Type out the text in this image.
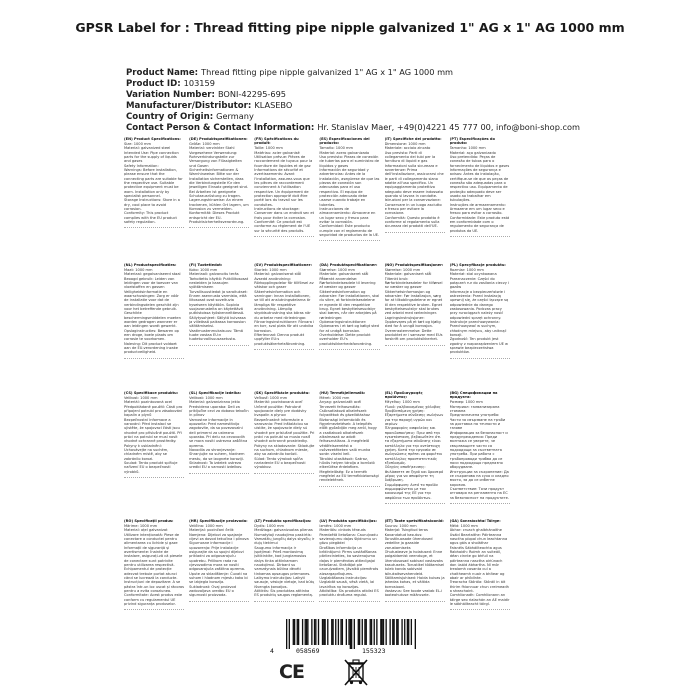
GPSR Label for : Thread fitting pipe nipple galvanized 1" AG x 1" AG 1000 mm
Product Name: Thread fitting pipe nipple galvanized 1" AG x 1" AG 1000 mm
Product ID: 103159
Variation Number: BONI-42295-695
Manufacturer/Distributor: KLASEBO
Country of Origin: Germany
Contact Person & Contact Information: Hr. Stanislav Maer, +49(0)4221 45 777 00, info@boni-shop.com
(EN) Product Specifications:
Size: 1000 mm
Material: galvanized steel
Intended Use: Pipe connection parts for the supply of liquids and gases
Safety Information:
Warnings: Before installation, please ensure that the connecting parts are suitable for the respective use. Suitable protective equipment must be worn. Installation only by specialist personnel.
Storage Instructions: Store in a dry, cool place to avoid corrosion.
Conformity: This product complies with the EU product safety regulation.
(DE) Produktspezifikationen:
Größe: 1000 mm
Material: verzinkter Stahl
Vorgesehene Verwendung: Rohrverbindungsteile zur Versorgung von Flüssigkeiten und Gasen
Sicherheitsinformationen & Warnhinweise: Bitte vor der Installation sicherstellen, dass die Verbindungsteile für den jeweiligen Einsatz geeignet sind. Bei Arbeiten ist geeignete Schutzausrüstung zu tragen.
Lagerungshinweise: An einem trockenen, kühlen Ort lagern, um Korrosion zu vermeiden.
Konformität: Dieses Produkt entspricht der EU-Produktsicherheitsverordnung.
(FR) Spécifications du produit:
Taille: 1000 mm
Matériau: acier galvanisé
Utilisation prévue: Pièces de raccordement de tuyaux pour la fourniture de liquides et de gaz
Informations de sécurité et avertissements: Avant l'installation, assurez-vous que les pièces de raccordement conviennent à l'utilisation respective. Un équipement de protection approprié doit être porté lors du travail sur les conduites.
Instructions de stockage: Conserver dans un endroit sec et frais pour éviter la corrosion.
Conformité: Ce produit est conforme au règlement de l'UE sur la sécurité des produits.
(ES) Especificaciones del producto:
Tamaño: 1000 mm
Material: acero galvanizado
Uso previsto: Piezas de conexión de tuberías para el suministro de líquidos y gases
Información de seguridad y advertencias: Antes de la instalación, asegúrese de que las piezas de conexión son adecuadas para el uso respectivo. El equipo de protección adecuado debe usarse cuando trabaje en tuberías.
Instrucciones de almacenamiento: Almacene en un lugar seco y fresco para evitar la corrosión.
Conformidad: Este producto cumple con el reglamento de seguridad de productos de la UE.
(IT) Specifiche del prodotto:
Dimensione: 1000 mm
Materiale: acciaio zincato
Uso previsto: Parti di collegamento dei tubi per la fornitura di liquidi e gas
Informazioni sulla sicurezza e avvertenze: Prima dell'installazione, assicurarsi che le parti di collegamento siano adatte all'uso specifico. Un equipaggiamento protettivo adeguato deve essere indossato quando si lavora in condotte.
Istruzioni per la conservazione: Conservare in un luogo asciutto e fresco per evitare la corrosione.
Conformità: Questo prodotto è conforme al regolamento sulla sicurezza dei prodotti dell'UE.
(PT) Especificações do produto:
Tamanho: 1000 mm
Material: aço galvanizado
Uso pretendido: Peças de conexão de tubos para o fornecimento de líquidos e gases
Informações de segurança e avisos: Antes da instalação, certifique-se de que as peças de conexão são adequadas para o respectivo uso. Equipamento de proteção adequado deve ser usado ao trabalhar em tubulações.
Instruções de armazenamento: Armazene em um lugar seco e fresco para evitar a corrosão.
Conformidade: Este produto está em conformidade com o regulamento de segurança de produtos da UE.
(NL) Productspecificaties:
Maat: 1000 mm
Materiaal: gegalvaniseerd staal
Beoogd gebruik: Leiden van leidingen voor de toevoer van vloeistoffen en gassen
Veiligheidsinformatie en waarschuwingen: Zorg er vóór de installatie voor dat de verbindingsdelen geschikt zijn voor het betreffende gebruik. Geschikte beschermingsmiddelen moeten worden gedragen wanneer er aan leidingen wordt gewerkt.
Opslaginstructies: Bewaren op een droge, koele plaats om corrosie te voorkomen.
Naleving: Dit product voldoet aan de EU-verordening inzake productveiligheid.
(FI) Tuotetiedot:
Koko: 1000 mm
Materiaali: galvanoitu teräs
Tarkoitettu käyttö: Putkiliitososat nesteiden ja kaasujen syöttämiseen
Turvallisuustiedot ja varoitukset: Ennen asennusta varmista, että liitososat ovat soveltuvia kyseiseen käyttöön. Sopivia suojavarusteita on käytettävä putkistoissa työskenneltäessä.
Säilytysohjeet: Säilytä kuivassa ja viileässä paikassa korroosion välttämiseksi.
Vaatimustenmukaisuus: Tämä tuote vastaa EU:n tuoteturvallisuusasetusta.
(SV) Produktspecifikationer:
Storlek: 1000 mm
Material: galvaniserat stål
Avsedd användning: Rörkopplingsdelar för tillförsel av vätskor och gaser
Säkerhetsinformation och varningar: Innan installationen, se till att anslutningsdelarna är lämpliga för respektive användning. Lämplig skyddsutrustning ska bäras när du arbetar med rörledningar.
Förvaringsinstruktioner: Förvara i en torr, sval plats för att undvika korrosion.
Efterlevnad: Denna produkt uppfyller EU:s produktsäkerhetsförordning.
(DA) Produktspecifikationer:
Størrelse: 1000 mm
Materiale: galvaniseret stål
Påtænkt anvendelse: Rørforbindelsesdele til levering af væsker og gasser
Sikkerhedsinformation og advarsler: Før installationen, skal du sikre, at forbindelsesdelene er egnede til den respektive brug. Egnet beskyttelsesudstyr skal bæres, når der arbejdes på rørledninger.
Opbevaringsinstruktioner: Opbevares i et tørt og køligt sted for at undgå korrosion.
Overholdelse: Dette produkt overholder EU's produktsikkerhedsforordning.
(NO) Produktspesifikasjoner:
Størrelse: 1000 mm
Materiale: galvanisert stål
Tiltenkt bruk: Rørforbindelsesdeler for tilførsel av væsker og gasser
Sikkerhetsinformasjon og advarsler: Før installasjon, sørg for at tilkoblingsdelene er egnet til den respektive bruken. Egnet beskyttelsesutstyr skal brukes ved arbeid med rørledninger.
Lagringsinstruksjoner: Oppbevares på et tørt og kjølig sted for å unngå korrosjon.
Overensstemmelse: Dette produktet er i samsvar med EUs forskrift om produktsikkerhet.
(PL) Specyfikacje produktu:
Rozmiar: 1000 mm
Materiał: stal ocynkowana
Przeznaczenie: Części do połączeń rur do zasilania cieczy i gazów
Informacje o bezpieczeństwie i ostrzeżenia: Przed instalacją upewnij się, że części łączące są odpowiednie do danego zastosowania. Podczas pracy przy rurociągach należy nosić odpowiedni sprzęt ochronny.
Instrukcje przechowywania: Przechowywać w suchym, chłodnym miejscu, aby uniknąć korozji.
Zgodność: Ten produkt jest zgodny z rozporządzeniem UE w sprawie bezpieczeństwa produktów.
(CS) Specifikace produktu:
Velikost: 1000 mm
Materiál: pozinkovaná ocel
Předpokládané použití: Části pro připojení potrubí pro zásobování kapalin a plynů
Bezpečnostní informace a varování: Před instalací se ujistěte, že spojovací části jsou vhodné pro příslušné použití. Při práci na potrubí se musí nosit vhodné ochranné prostředky.
Pokyny k uskladnění: Uchovávejte na suchém, chladném místě, aby se zabránilo korozi.
Soulad: Tento produkt splňuje nařízení EU o bezpečnosti výrobků.
(SL) Specifikacije izdelka:
Velikost: 1000 mm
Material: galvanizirano jeklo
Predvidena uporaba: Deli za priključke cevi za dobavo tekočin in plinov
Varnostne informacije in opozorila: Pred namestitvijo zagotovite, da so povezovalni deli primerni za ustrezno uporabo. Pri delu na cevovodih se mora nositi ustrezna zaščitna oprema.
Navodila za shranjevanje: Shranjujte na suhem, hladnem mestu, da se izognete koroziji.
Skladnost: Ta izdelek ustreza uredbi EU o varnosti izdelkov.
(SK) Špecifikácie produktu:
Veľkosť: 1000 mm
Materiál: pozinkovaná oceľ
Určené použitie: Potrubné spojovacie diely pre dodávky kvapalín a plynov
Bezpečnostné informácie a varovania: Pred inštaláciou sa uistite, že spojovacie diely sú vhodné pre príslušné použitie. Pri práci na potrubí sa musia nosiť vhodné ochranné prostriedky.
Pokyny na skladovanie: Skladujte na suchom, chladnom mieste, aby sa zabránilo korózii.
Súlad: Tento výrobok spĺňa nariadenie EÚ o bezpečnosti výrobkov.
(HU) Termékjellemzők:
Méret: 1000 mm
Anyag: galvanizált acél
Tervezett felhasználás: Csőcsatlakozó alkatrészek folyadékok és gázellátáshoz
Biztonsági információk és figyelmeztetések: A telepítés előtt győződjön meg arról, hogy a csatlakozó alkatrészek alkalmasak az adott felhasználásra. A megfelelő védőfelszerelést a csővezetékeken való munka során viselni kell.
Tárolási utasítások: Száraz, hűvös helyen tárolja a korrózió elkerülése érdekében.
Megfelelőség: Ez a termék megfelel az EU termékbiztonsági rendeletének.
(EL) Προδιαγραφές προϊόντος:
Μέγεθος: 1000 mm
Υλικό: γαλβανισμένος χάλυβας
Προβλεπόμενη χρήση: Εξαρτήματα σύνδεσης σωλήνων για την παροχή υγρών και αερίων
Πληροφορίες ασφαλείας και προειδοποιήσεις: Πριν από την εγκατάσταση, βεβαιωθείτε ότι τα εξαρτήματα σύνδεσης είναι κατάλληλα για την αντίστοιχη χρήση. Κατά την εργασία σε σωληνώσεις πρέπει να φοριέται κατάλληλος προστατευτικός εξοπλισμός.
Οδηγίες αποθήκευσης: Φυλάσσετε σε ξηρό και δροσερό μέρος για να αποφύγετε τη διάβρωση.
Συμμόρφωση: Αυτό το προϊόν συμμορφώνεται με τον κανονισμό της ΕΕ για την ασφάλεια των προϊόντων.
(BG) Спецификации на продукта:
Размер: 1000 mm
Материал: галванизирана стомана
Предназначена употреба: Части за свързване на тръби за доставка на течности и газове
Информация за безопасност и предупреждения: Преди монтажа се уверете, че свързващите части са подходящи за съответната употреба. При работа с тръбопроводи трябва да се носи подходящо предпазно оборудване.
Инструкции за съхранение: Да се съхранява на сухо и хладно място, за да се избегне корозия.
Съответствие: Този продукт отговаря на регламента на ЕС за безопасност на продуктите.
(RO) Specificații produs:
Mărime: 1000 mm
Material: oțel galvanizat
Utilizare intenționată: Piese de conectare a conductei pentru alimentarea cu lichide și gaze
Informații de siguranță și avertismente: Înainte de instalare, asigurați-vă că piesele de conectare sunt potrivite pentru utilizarea respectivă. Echipamentul de protecție adecvat trebuie purtat atunci când se lucrează la conducte.
Instrucțiuni de depozitare: A se păstra într-un loc uscat și răcoros pentru a evita coroziunea.
Conformitate: Acest produs este conform cu regulamentul UE privind siguranța produselor.
(HR) Specifikacije proizvoda:
Veličina: 1000 mm
Materijal: pocinčani čelik
Namjena: Dijelovi za spajanje cijevi za dovod tekućina i plinova
Sigurnosne informacije i upozorenja: Prije instalacije osigurajte da su spojni dijelovi prikladni za odgovarajuću upotrebu. Prilikom rada na cjevovodima mora se nositi odgovarajuća zaštitna oprema.
Upute za skladištenje: Čuvati na suhom i hladnom mjestu kako bi se izbjegla korozija.
Sukladnost: Ovaj proizvod zadovoljava uredbu EU o sigurnosti proizvoda.
(LT) Produkto specifikacijos:
Dydis: 1000 mm
Medžiaga: galvanizuotas plienas
Numatytoji naudojimo paskirtis: Vamzdžių jungčių dalys skysčių ir dujų tiekimui
Saugumo informacija ir įspėjimai: Prieš montavimą įsitikinkite, kad jungiamosios dalys tinka atitinkamam naudojimui. Dirbant su vamzdynais būtina dėvėti tinkamas apsaugos priemones.
Laikymo instrukcijos: Laikyti sausoje, vėsioje vietoje, kad būtų išvengta korozijos.
Atitiktis: Šis produktas atitinka ES produktų saugos reglamentą.
(LV) Produkta specifikācijas:
Izmērs: 1000 mm
Materiāls: cinkots tērauds
Paredzētā lietošana: Cauruļvadu savienojumu daļas šķidrumu un gāzu piegādei
Drošības informācija un brīdinājumi: Pirms uzstādīšanas pārliecinieties, ka savienojuma daļas ir piemērotas attiecīgajai lietošanai. Strādājot pie cauruļvadiem, jāvalkā piemērots aizsargaprīkojums.
Uzglabāšanas instrukcijas: Uzglabāt sausā, vēsā vietā, lai izvairītos no korozijas.
Atbilstība: Šis produkts atbilst ES produktu drošuma regulai.
(ET) Toote spetsifikatsioonid:
Suurus: 1000 mm
Materjal: Tsingitud teras
Kavandatud kasutus: Torustikuosade ühendused vedelike ja gaaside varustamiseks
Ohutusteave ja hoiatused: Enne paigaldamist veenduge, et ühendusosad sobivad vastavaks kasutuseks. Torustikel töötamisel tuleb kanda sobivaid isikukaitsevahendeid.
Säilitamisjuhised: Hoida kuivas ja jahedas kohas, et vältida korrosiooni.
Vastavus: See toode vastab EL-i tooteohutuse määrusele.
(GA) Sonraíochtaí Táirge:
Méid: 1000 mm
Ábhar: cruach ghalbhánaithe
Úsáid Beartaithe: Páirteanna nasctha píopaí chun leachtanna agus gáis a sholáthar
Faisnéis Sábháilteachta agus Rabhaidh: Roimh an suiteáil, déan cinnte go bhfuil na páirteanna nasctha oiriúnach don úsáid ábhartha. Ní mór trealamh cosanta cuí a chaitheamh nuair a bhítear ag obair ar phíblínte.
Treoracha Stórála: Stóráil in áit thirim fhionnuar chun creimeadh a sheachaint.
Comhlíonadh: Comhlíonann an táirge seo rialachán an AE maidir le sábháilteacht táirgí.
4	058569	155323
CE
